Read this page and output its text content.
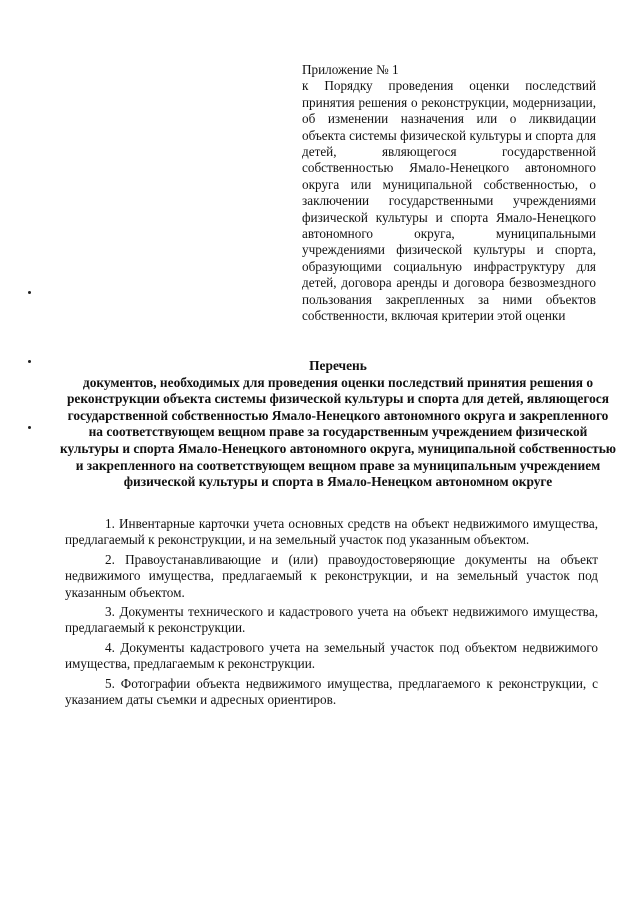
Приложение № 1
к Порядку проведения оценки последствий принятия решения о реконструкции, модернизации, об изменении назначения или о ликвидации объекта системы физической культуры и спорта для детей, являющегося государственной собственностью Ямало-Ненецкого автономного округа или муниципальной собственностью, о заключении государственными учреждениями физической культуры и спорта Ямало-Ненецкого автономного округа, муниципальными учреждениями физической культуры и спорта, образующими социальную инфраструктуру для детей, договора аренды и договора безвозмездного пользования закрепленных за ними объектов собственности, включая критерии этой оценки
Перечень
документов, необходимых для проведения оценки последствий принятия решения о реконструкции объекта системы физической культуры и спорта для детей, являющегося государственной собственностью Ямало-Ненецкого автономного округа и закрепленного на соответствующем вещном праве за государственным учреждением физической культуры и спорта Ямало-Ненецкого автономного округа, муниципальной собственностью и закрепленного на соответствующем вещном праве за муниципальным учреждением физической культуры и спорта в Ямало-Ненецком автономном округе

1. Инвентарные карточки учета основных средств на объект недвижимого имущества, предлагаемый к реконструкции, и на земельный участок под указанным объектом.

2. Правоустанавливающие и (или) правоудостоверяющие документы на объект недвижимого имущества, предлагаемый к реконструкции, и на земельный участок под указанным объектом.

3. Документы технического и кадастрового учета на объект недвижимого имущества, предлагаемый к реконструкции.

4. Документы кадастрового учета на земельный участок под объектом недвижимого имущества, предлагаемым к реконструкции.

5. Фотографии объекта недвижимого имущества, предлагаемого к реконструкции, с указанием даты съемки и адресных ориентиров.
